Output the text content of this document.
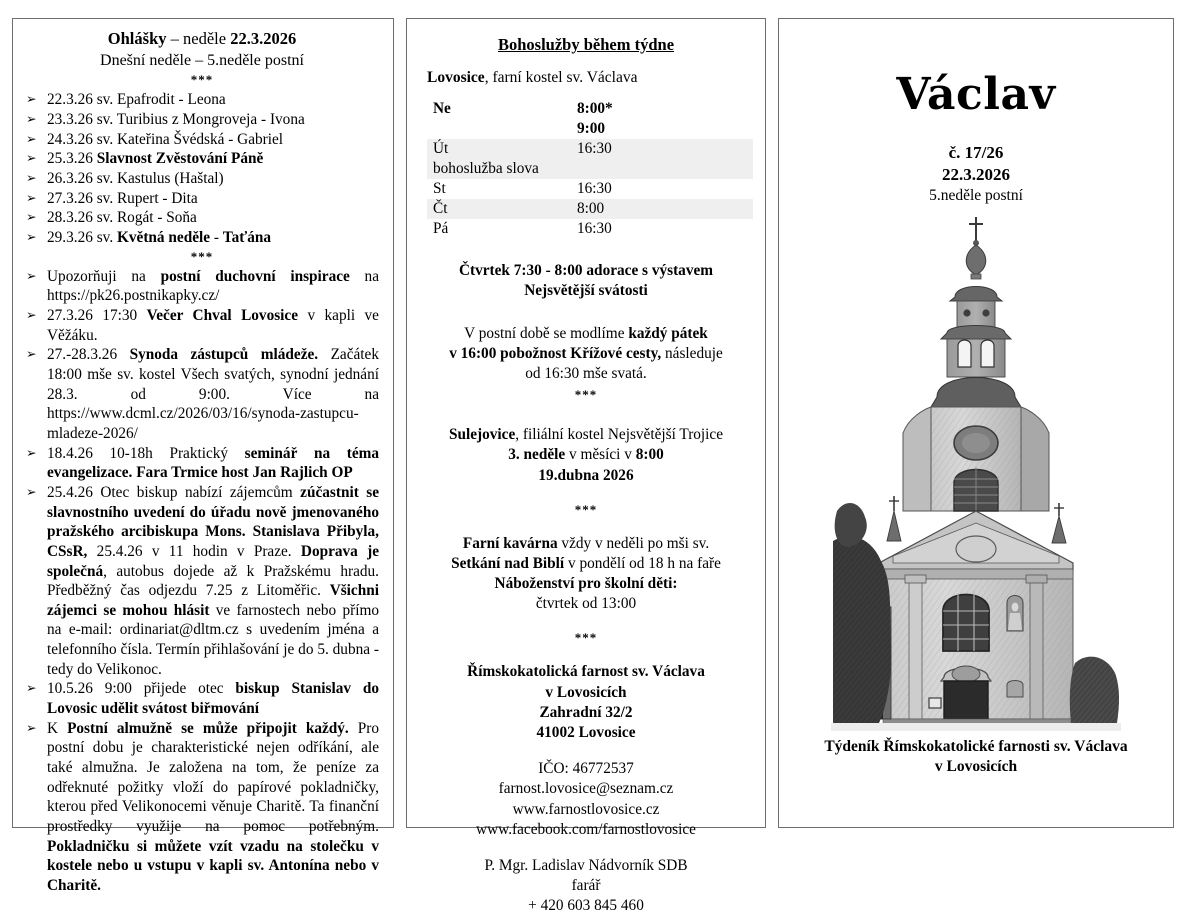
Ohlášky – neděle 22.3.2026
Dnešní neděle – 5.neděle postní
***
➢ 22.3.26 sv. Epafrodit - Leona
➢ 23.3.26 sv. Turibius z Mongroveja - Ivona
➢ 24.3.26 sv. Kateřina Švédská - Gabriel
➢ 25.3.26 Slavnost Zvěstování Páně
➢ 26.3.26 sv. Kastulus (Haštal)
➢ 27.3.26 sv. Rupert - Dita
➢ 28.3.26 sv. Rogát - Soňa
➢ 29.3.26 sv. Květná neděle - Taťána
***
➢ Upozorňuji na postní duchovní inspirace na https://pk26.postnikapky.cz/
➢ 27.3.26 17:30 Večer Chval Lovosice v kapli ve Věžáku.
➢ 27.-28.3.26 Synoda zástupců mládeže. Začátek 18:00 mše sv. kostel Všech svatých, synodní jednání 28.3. od 9:00. Více na https://www.dcml.cz/2026/03/16/synoda-zastupcu-mladeze-2026/
➢ 18.4.26 10-18h Praktický seminář na téma evangelizace. Fara Trmice host Jan Rajlich OP
➢ 25.4.26 Otec biskup nabízí zájemcům zúčastnit se slavnostního uvedení do úřadu nově jmenovaného pražského arcibiskupa Mons. Stanislava Přibyla, CSsR, 25.4.26 v 11 hodin v Praze. Doprava je společná, autobus dojede až k Pražskému hradu. Předběžný čas odjezdu 7.25 z Litoměřic. Všichni zájemci se mohou hlásit ve farnostech nebo přímo na e-mail: ordinariat@dltm.cz s uvedením jména a telefonního čísla. Termín přihlašování je do 5. dubna - tedy do Velikonoc.
➢ 10.5.26 9:00 přijede otec biskup Stanislav do Lovosic udělit svátost biřmování
➢ K Postní almužně se může připojit každý. Pro postní dobu je charakteristické nejen odříkání, ale také almužna. Je založena na tom, že peníze za odřeknuté požitky vloží do papírové pokladničky, kterou před Velikonocemi věnuje Charitě. Ta finanční prostředky využije na pomoc potřebným. Pokladničku si můžete vzít vzadu na stolečku v kostele nebo u vstupu v kapli sv. Antonína nebo v Charitě.
Bohoslužby během týdne
Lovosice, farní kostel sv. Václava
Ne	8:00*
	9:00
Út	16:30
bohoslužba slova	
St	16:30
Čt	8:00
Pá	16:30
Čtvrtek 7:30 - 8:00 adorace s výstavem
Nejsvětější svátosti
V postní době se modlíme každý pátek
v 16:00 pobožnost Křížové cesty, následuje
od 16:30 mše svatá.
***
Sulejovice, filiální kostel Nejsvětější Trojice
3. neděle v měsíci v 8:00
19.dubna 2026
***
Farní kavárna vždy v neděli po mši sv.
Setkání nad Biblí v pondělí od 18 h na faře
Náboženství pro školní děti:
čtvrtek od 13:00
***
Římskokatolická farnost sv. Václava
v Lovosicích
Zahradní 32/2
41002 Lovosice
IČO: 46772537
farnost.lovosice@seznam.cz
www.farnostlovosice.cz
www.facebook.com/farnostlovosice
P. Mgr. Ladislav Nádvorník SDB
farář
+ 420 603 845 460
Václav
č. 17/26
22.3.2026
5.neděle postní
Týdeník Římskokatolické farnosti sv. Václava
v Lovosicích
